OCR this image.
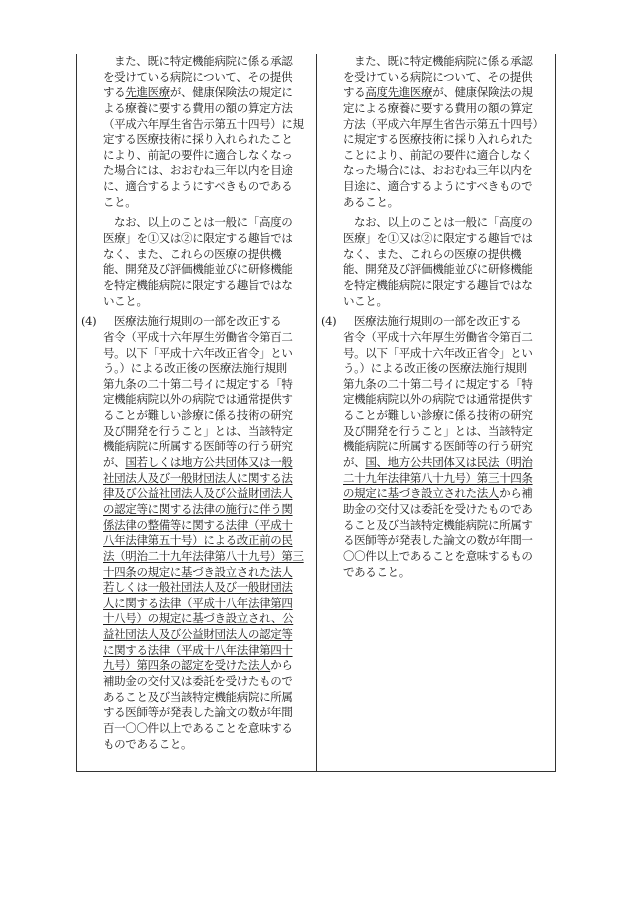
また、既に特定機能病院に係る承認
を受けている病院について、その提供
する先進医療が、健康保険法の規定に
よる療養に要する費用の額の算定方法
（平成六年厚生省告示第五十四号）に規
定する医療技術に採り入れられたこと
により、前記の要件に適合しなくなっ
た場合には、おおむね三年以内を目途
に、適合するようにすべきものである
こと。
なお、以上のことは一般に「高度の
医療」を①又は②に限定する趣旨では
なく、また、これらの医療の提供機
能、開発及び評価機能並びに研修機能
を特定機能病院に限定する趣旨ではな
いこと。
(4) 医療法施行規則の一部を改正する
省令（平成十六年厚生労働省令第百二
号。以下「平成十六年改正省令」とい
う。）による改正後の医療法施行規則
第九条の二十第二号イに規定する「特
定機能病院以外の病院では通常提供す
ることが難しい診療に係る技術の研究
及び開発を行うこと」とは、当該特定
機能病院に所属する医師等の行う研究
が、国若しくは地方公共団体又は一般
社団法人及び一般財団法人に関する法
律及び公益社団法人及び公益財団法人
の認定等に関する法律の施行に伴う関
係法律の整備等に関する法律（平成十
八年法律第五十号）による改正前の民
法（明治二十九年法律第八十九号）第三
十四条の規定に基づき設立された法人
若しくは一般社団法人及び一般財団法
人に関する法律（平成十八年法律第四
十八号）の規定に基づき設立され、公
益社団法人及び公益財団法人の認定等
に関する法律（平成十八年法律第四十
九号）第四条の認定を受けた法人から
補助金の交付又は委託を受けたもので
あること及び当該特定機能病院に所属
する医師等が発表した論文の数が年間
百一〇〇件以上であることを意味する
ものであること。
また、既に特定機能病院に係る承認
を受けている病院について、その提供
する高度先進医療が、健康保険法の規
定による療養に要する費用の額の算定
方法（平成六年厚生省告示第五十四号）
に規定する医療技術に採り入れられた
ことにより、前記の要件に適合しなく
なった場合には、おおむね三年以内を
目途に、適合するようにすべきもので
あること。
なお、以上のことは一般に「高度の
医療」を①又は②に限定する趣旨では
なく、また、これらの医療の提供機
能、開発及び評価機能並びに研修機能
を特定機能病院に限定する趣旨ではな
いこと。
(4) 医療法施行規則の一部を改正する
省令（平成十六年厚生労働省令第百二
号。以下「平成十六年改正省令」とい
う。）による改正後の医療法施行規則
第九条の二十第二号イに規定する「特
定機能病院以外の病院では通常提供す
ることが難しい診療に係る技術の研究
及び開発を行うこと」とは、当該特定
機能病院に所属する医師等の行う研究
が、国、地方公共団体又は民法（明治
二十九年法律第八十九号）第三十四条
の規定に基づき設立された法人から補
助金の交付又は委託を受けたものであ
ること及び当該特定機能病院に所属す
る医師等が発表した論文の数が年間一
〇〇件以上であることを意味するもの
であること。
